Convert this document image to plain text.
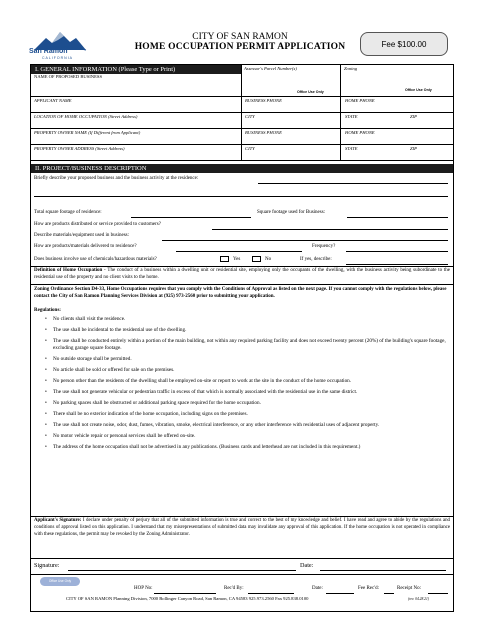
San Ramon
CALIFORNIA
CITY OF SAN RAMON
HOME OCCUPATION PERMIT APPLICATION	Fee $100.00
I. GENERAL INFORMATION (Please Type or Print)	Assessor's Parcel Number(s)	Zoning
Office Use Only	Office Use Only
NAME OF PROPOSED BUSINESS
APPLICANT NAME	BUSINESS PHONE	HOME PHONE
LOCATION OF HOME OCCUPATION (Street Address)	CITY	STATE	ZIP
PROPERTY OWNER NAME (If Different from Applicant)	BUSINESS PHONE	HOME PHONE
PROPERTY OWNER ADDRESS (Street Address)	CITY	STATE	ZIP
II. PROJECT/BUSINESS DESCRIPTION
Briefly describe your proposed business and the business activity at the residence:
Total square footage of residence:	Square footage used for Business:
How are products distributed or service provided to customers?
Describe materials/equipment used in business:
How are products/materials delivered to residence?	Frequency?
Does business involve use of chemicals/hazardous materials?	Yes	No	If yes, describe:
Definition of Home Occupation - The conduct of a business within a dwelling unit or residential site, employing only the occupants of the dwelling, with the business activity being subordinate to the residential use of the property and no client visits to the home.
Zoning Ordinance Section D4-33, Home Occupations requires that you comply with the Conditions of Approval as listed on the next page. If you cannot comply with the regulations below, please contact the City of San Ramon Planning Services Division at (925) 973-2560 prior to submitting your application.
Regulations:
• No clients shall visit the residence.
• The use shall be incidental to the residential use of the dwelling.
• The use shall be conducted entirely within a portion of the main building, not within any required parking facility and does not exceed twenty percent (20%) of the building's square footage, excluding garage square footage.
• No outside storage shall be permitted.
• No article shall be sold or offered for sale on the premises.
• No person other than the residents of the dwelling shall be employed on-site or report to work at the site in the conduct of the home occupation.
• The use shall not generate vehicular or pedestrian traffic in excess of that which is normally associated with the residential use in the same district.
• No parking spaces shall be obstructed or additional parking space required for the home occupation.
• There shall be no exterior indication of the home occupation, including signs on the premises.
• The use shall not create noise, odor, dust, fumes, vibration, smoke, electrical interference, or any other interference with residential uses of adjacent property.
• No motor vehicle repair or personal services shall be offered on-site.
• The address of the home occupation shall not be advertised in any publications. (Business cards and letterhead are not included in this requirement.)
Applicant's Signature: I declare under penalty of perjury that all of the submitted information is true and correct to the best of my knowledge and belief. I have read and agree to abide by the regulations and conditions of approval listed on this application. I understand that my misrepresentations of submitted data may invalidate any approval of this application. If the home occupation is not operated in compliance with these regulations, the permit may be revoked by the Zoning Administrator.
Signature:	Date:
Office Use Only
HOP No:	Rec'd By:	Date:	Fee Rec'd:	Receipt No:
CITY OF SAN RAMON Planning Division, 7000 Bollinger Canyon Road, San Ramon, CA 94583 925.973.2560 Fax 925.838.0100	(rev. 04.28.21)
